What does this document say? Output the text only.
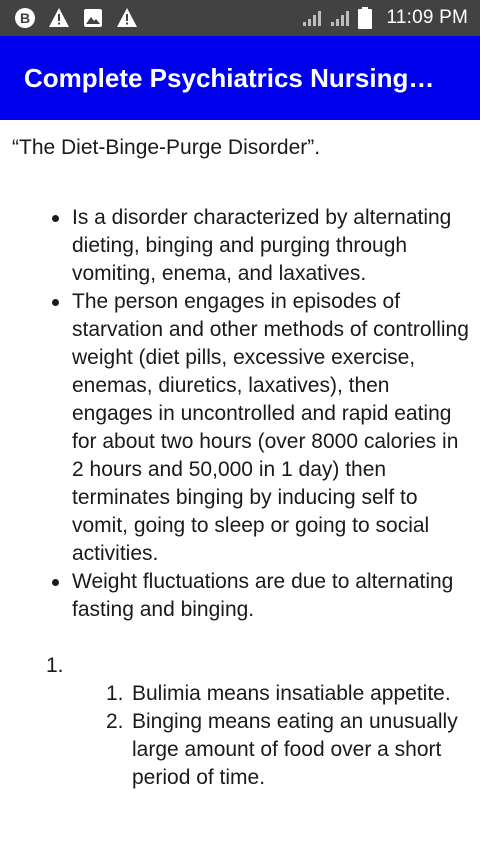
B	11:09 PM
Complete Psychiatrics Nursing…

“The Diet-Binge-Purge Disorder”.

Is a disorder characterized by alternating dieting, binging and purging through vomiting, enema, and laxatives.
The person engages in episodes of starvation and other methods of controlling weight (diet pills, excessive exercise, enemas, diuretics, laxatives), then engages in uncontrolled and rapid eating for about two hours (over 8000 calories in 2 hours and 50,000 in 1 day) then terminates binging by inducing self to vomit, going to sleep or going to social activities.
Weight fluctuations are due to alternating fasting and binging.
1.
1. Bulimia means insatiable appetite.
2. Binging means eating an unusually large amount of food over a short period of time.
